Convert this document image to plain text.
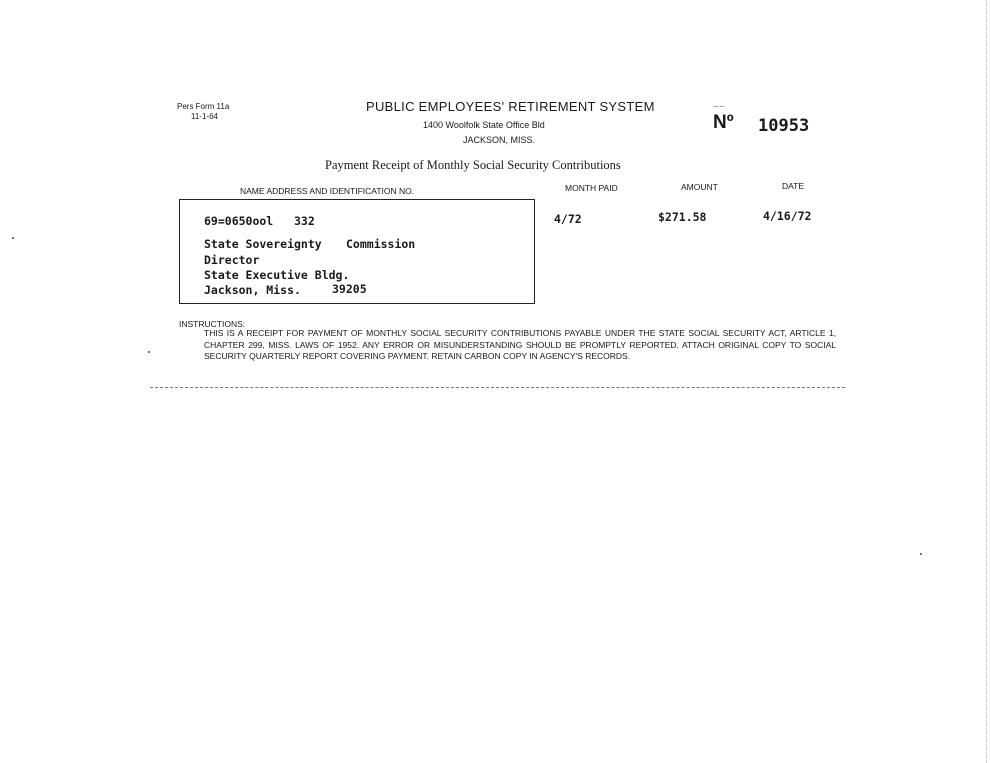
Pers Form 11a
11-1-64
PUBLIC EMPLOYEES' RETIREMENT SYSTEM
1400 Woolfolk State Office Bld
JACKSON, MISS.
— —
Nº 10953
Payment Receipt of Monthly Social Security Contributions
NAME ADDRESS AND IDENTIFICATION NO.	MONTH PAID	AMOUNT	DATE
69=0650ool 332
State Sovereignty Commission
Director
State Executive Bldg.
Jackson, Miss.	39205
4/72	$271.58	4/16/72
INSTRUCTIONS:
THIS IS A RECEIPT FOR PAYMENT OF MONTHLY SOCIAL SECURITY CONTRIBUTIONS PAYABLE UNDER THE STATE SOCIAL SECURITY ACT, ARTICLE 1, CHAPTER 299, MISS. LAWS OF 1952. ANY ERROR OR MISUNDERSTANDING SHOULD BE PROMPTLY REPORTED. ATTACH ORIGINAL COPY TO SOCIAL SECURITY QUARTERLY REPORT COVERING PAYMENT. RETAIN CARBON COPY IN AGENCY'S RECORDS.
